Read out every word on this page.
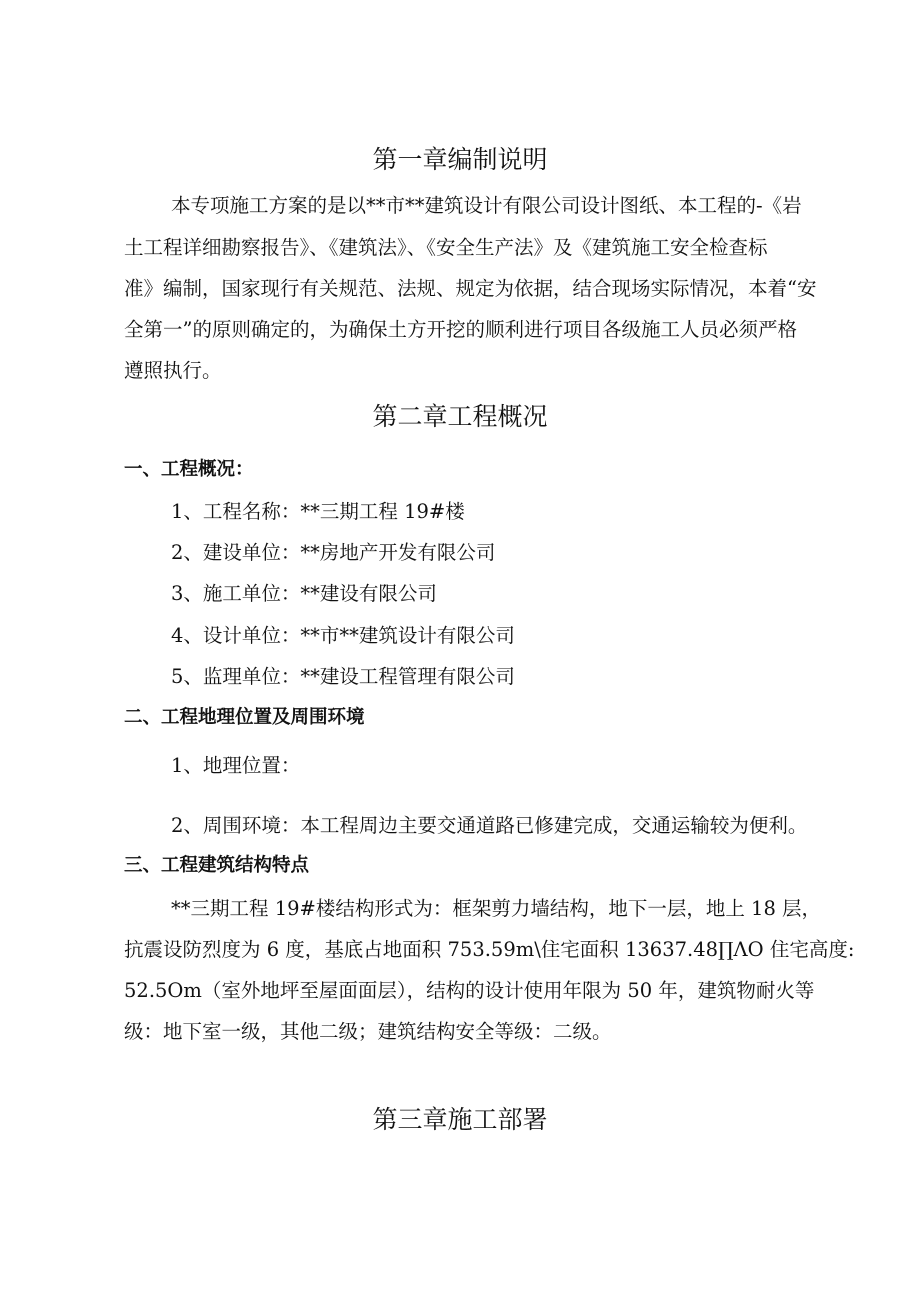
第一章编制说明
本专项施工方案的是以**市**建筑设计有限公司设计图纸、本工程的-《岩
土工程详细勘察报告》、《建筑法》、《安全生产法》及《建筑施工安全检查标
准》编制，国家现行有关规范、法规、规定为依据，结合现场实际情况，本着“安
全第一”的原则确定的，为确保土方开挖的顺利进行项目各级施工人员必须严格
遵照执行。
第二章工程概况
一、工程概况：
1、工程名称：**三期工程 19#楼
2、建设单位：**房地产开发有限公司
3、施工单位：**建设有限公司
4、设计单位：**市**建筑设计有限公司
5、监理单位：**建设工程管理有限公司
二、工程地理位置及周围环境
1、地理位置：
2、周围环境：本工程周边主要交通道路已修建完成，交通运输较为便利。
三、工程建筑结构特点
**三期工程 19#楼结构形式为：框架剪力墙结构，地下一层，地上 18 层，
抗震设防烈度为 6 度，基底占地面积 753.59m\住宅面积 13637.48∏ΛO 住宅高度:
52.5Om（室外地坪至屋面面层），结构的设计使用年限为 50 年，建筑物耐火等
级：地下室一级，其他二级；建筑结构安全等级：二级。
第三章施工部署
